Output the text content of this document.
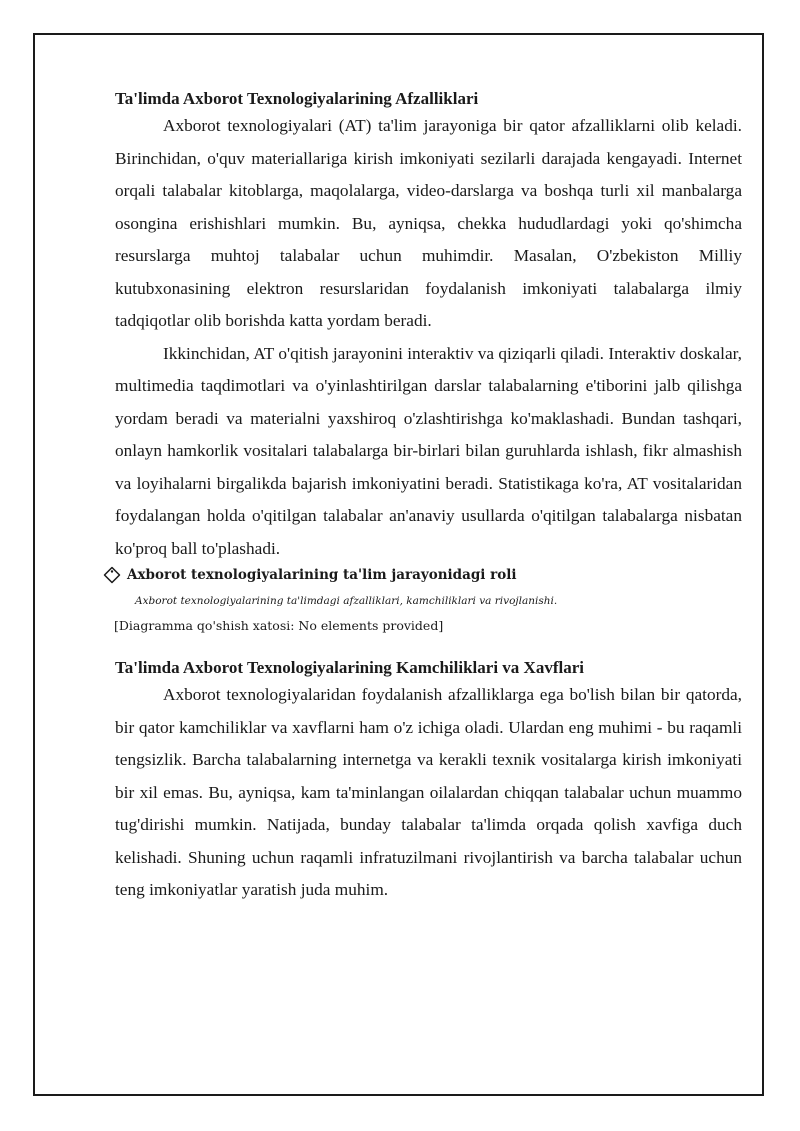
Ta'limda Axborot Texnologiyalarining Afzalliklari

Axborot texnologiyalari (AT) ta'lim jarayoniga bir qator afzalliklarni olib keladi. Birinchidan, o'quv materiallariga kirish imkoniyati sezilarli darajada kengayadi. Internet orqali talabalar kitoblarga, maqolalarga, video-darslarga va boshqa turli xil manbalarga osongina erishishlari mumkin. Bu, ayniqsa, chekka hududlardagi yoki qo'shimcha resurslarga muhtoj talabalar uchun muhimdir. Masalan, O'zbekiston Milliy kutubxonasining elektron resurslaridan foydalanish imkoniyati talabalarga ilmiy tadqiqotlar olib borishda katta yordam beradi.

Ikkinchidan, AT o'qitish jarayonini interaktiv va qiziqarli qiladi. Interaktiv doskalar, multimedia taqdimotlari va o'yinlashtirilgan darslar talabalarning e'tiborini jalb qilishga yordam beradi va materialni yaxshiroq o'zlashtirishga ko'maklashadi. Bundan tashqari, onlayn hamkorlik vositalari talabalarga bir-birlari bilan guruhlarda ishlash, fikr almashish va loyihalarni birgalikda bajarish imkoniyatini beradi. Statistikaga ko'ra, AT vositalaridan foydalangan holda o'qitilgan talabalar an'anaviy usullarda o'qitilgan talabalarga nisbatan ko'proq ball to'plashadi.

Axborot texnologiyalarining ta'lim jarayonidagi roli
Axborot texnologiyalarining ta'limdagi afzalliklari, kamchiliklari va rivojlanishi.
[Diagramma qo'shish xatosi: No elements provided]
Ta'limda Axborot Texnologiyalarining Kamchiliklari va Xavflari

Axborot texnologiyalaridan foydalanish afzalliklarga ega bo'lish bilan bir qatorda, bir qator kamchiliklar va xavflarni ham o'z ichiga oladi. Ulardan eng muhimi - bu raqamli tengsizlik. Barcha talabalarning internetga va kerakli texnik vositalarga kirish imkoniyati bir xil emas. Bu, ayniqsa, kam ta'minlangan oilalardan chiqqan talabalar uchun muammo tug'dirishi mumkin. Natijada, bunday talabalar ta'limda orqada qolish xavfiga duch kelishadi. Shuning uchun raqamli infratuzilmani rivojlantirish va barcha talabalar uchun teng imkoniyatlar yaratish juda muhim.
